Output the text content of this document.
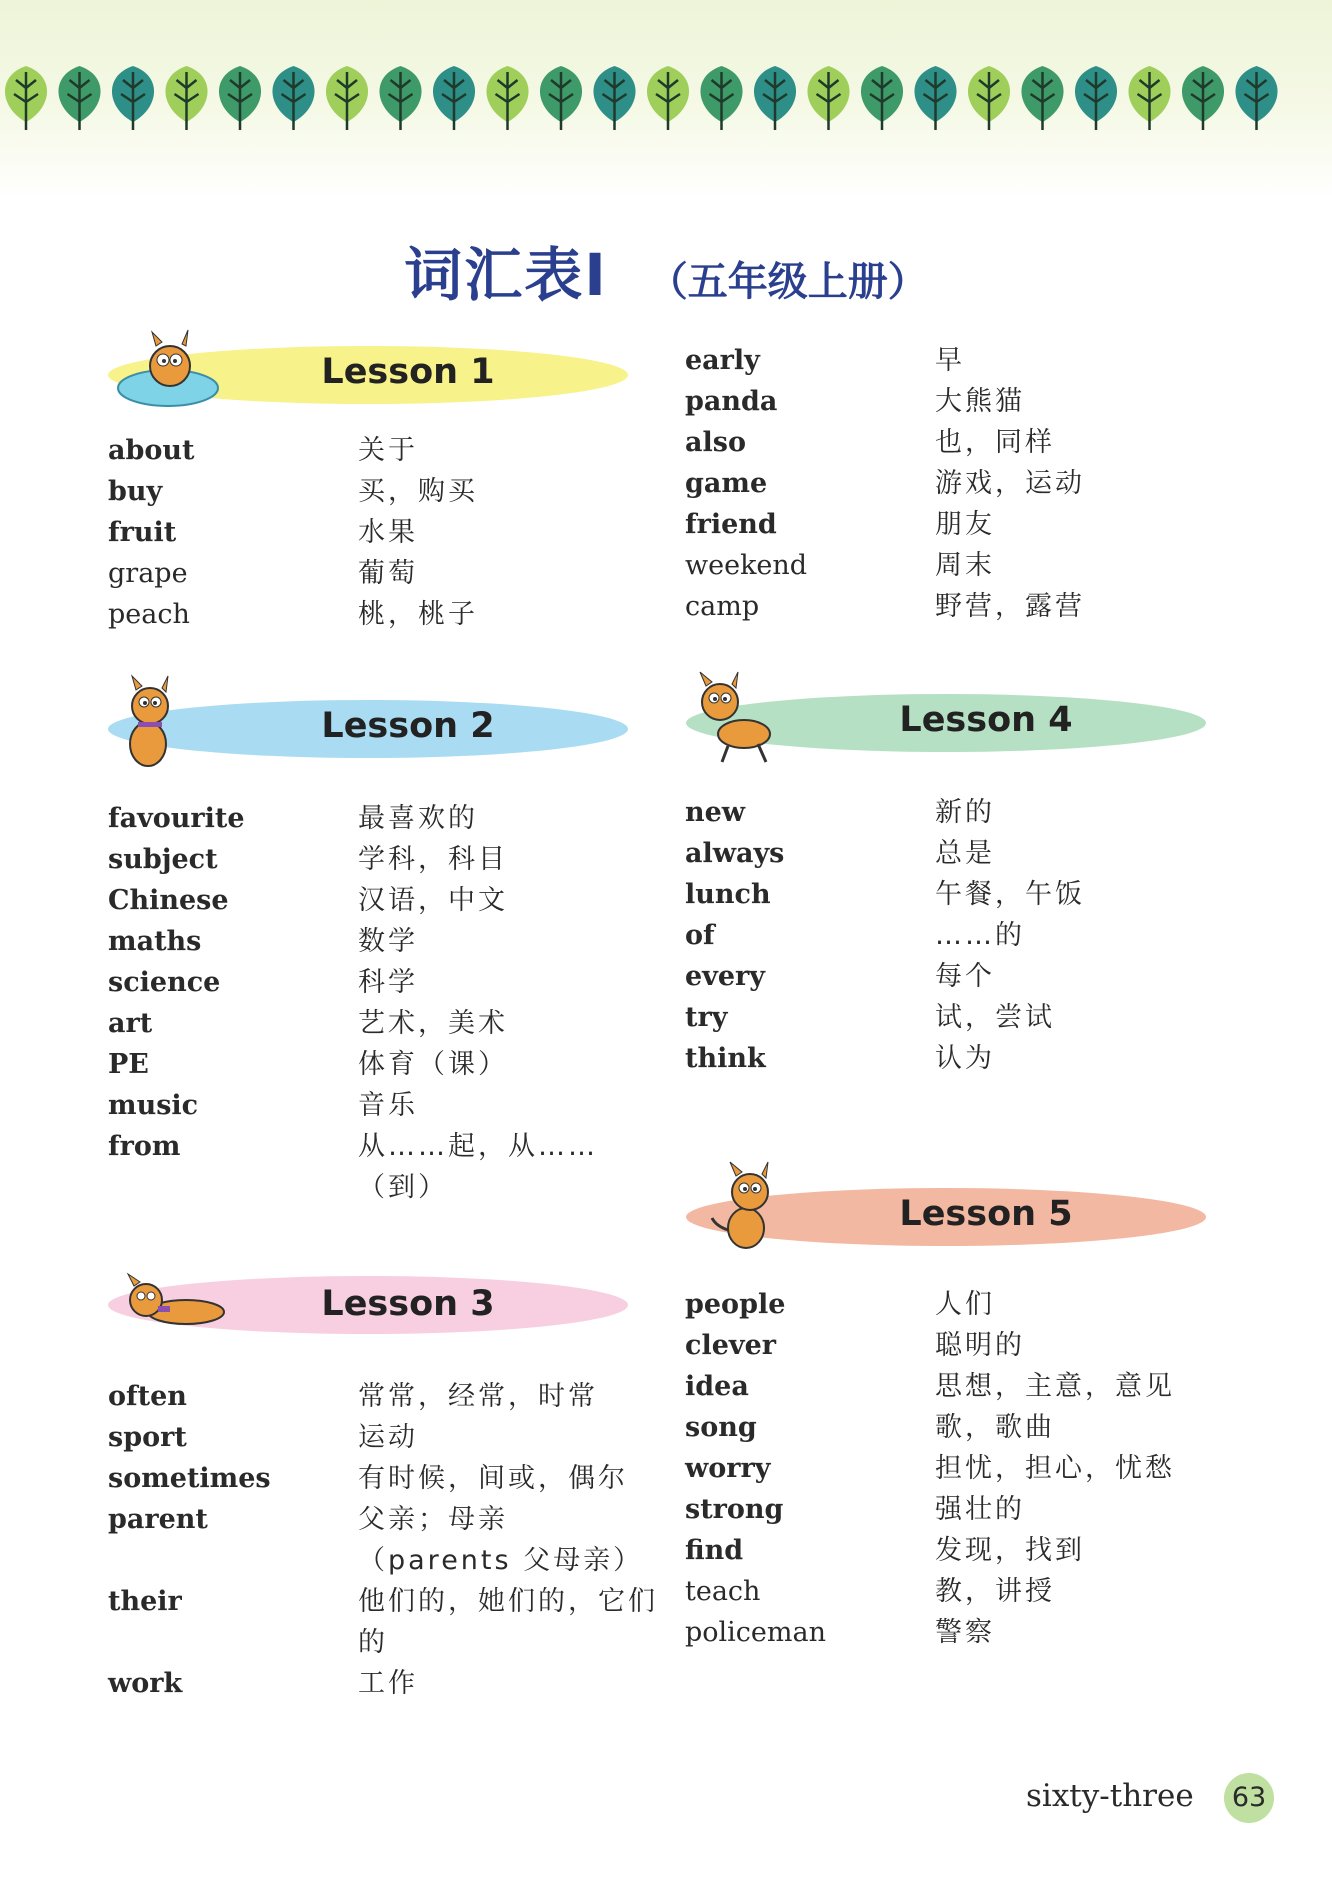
词汇表Ⅰ （五年级上册）
Lesson 1
about	关于
buy	买，购买
fruit	水果
grape	葡萄
peach	桃，桃子
early	早
panda	大熊猫
also	也，同样
game	游戏，运动
friend	朋友
weekend	周末
camp	野营，露营
Lesson 2
favourite	最喜欢的
subject	学科，科目
Chinese	汉语，中文
maths	数学
science	科学
art	艺术，美术
PE	体育（课）
music	音乐
from	从……起，从……（到）
Lesson 3
often	常常，经常，时常
sport	运动
sometimes	有时候，间或，偶尔
parent	父亲；母亲（parents 父母亲）
their	他们的，她们的，它们的
work	工作
Lesson 4
new	新的
always	总是
lunch	午餐，午饭
of	……的
every	每个
try	试，尝试
think	认为
Lesson 5
people	人们
clever	聪明的
idea	思想，主意，意见
song	歌，歌曲
worry	担忧，担心，忧愁
strong	强壮的
find	发现，找到
teach	教，讲授
policeman	警察
sixty-three 63
